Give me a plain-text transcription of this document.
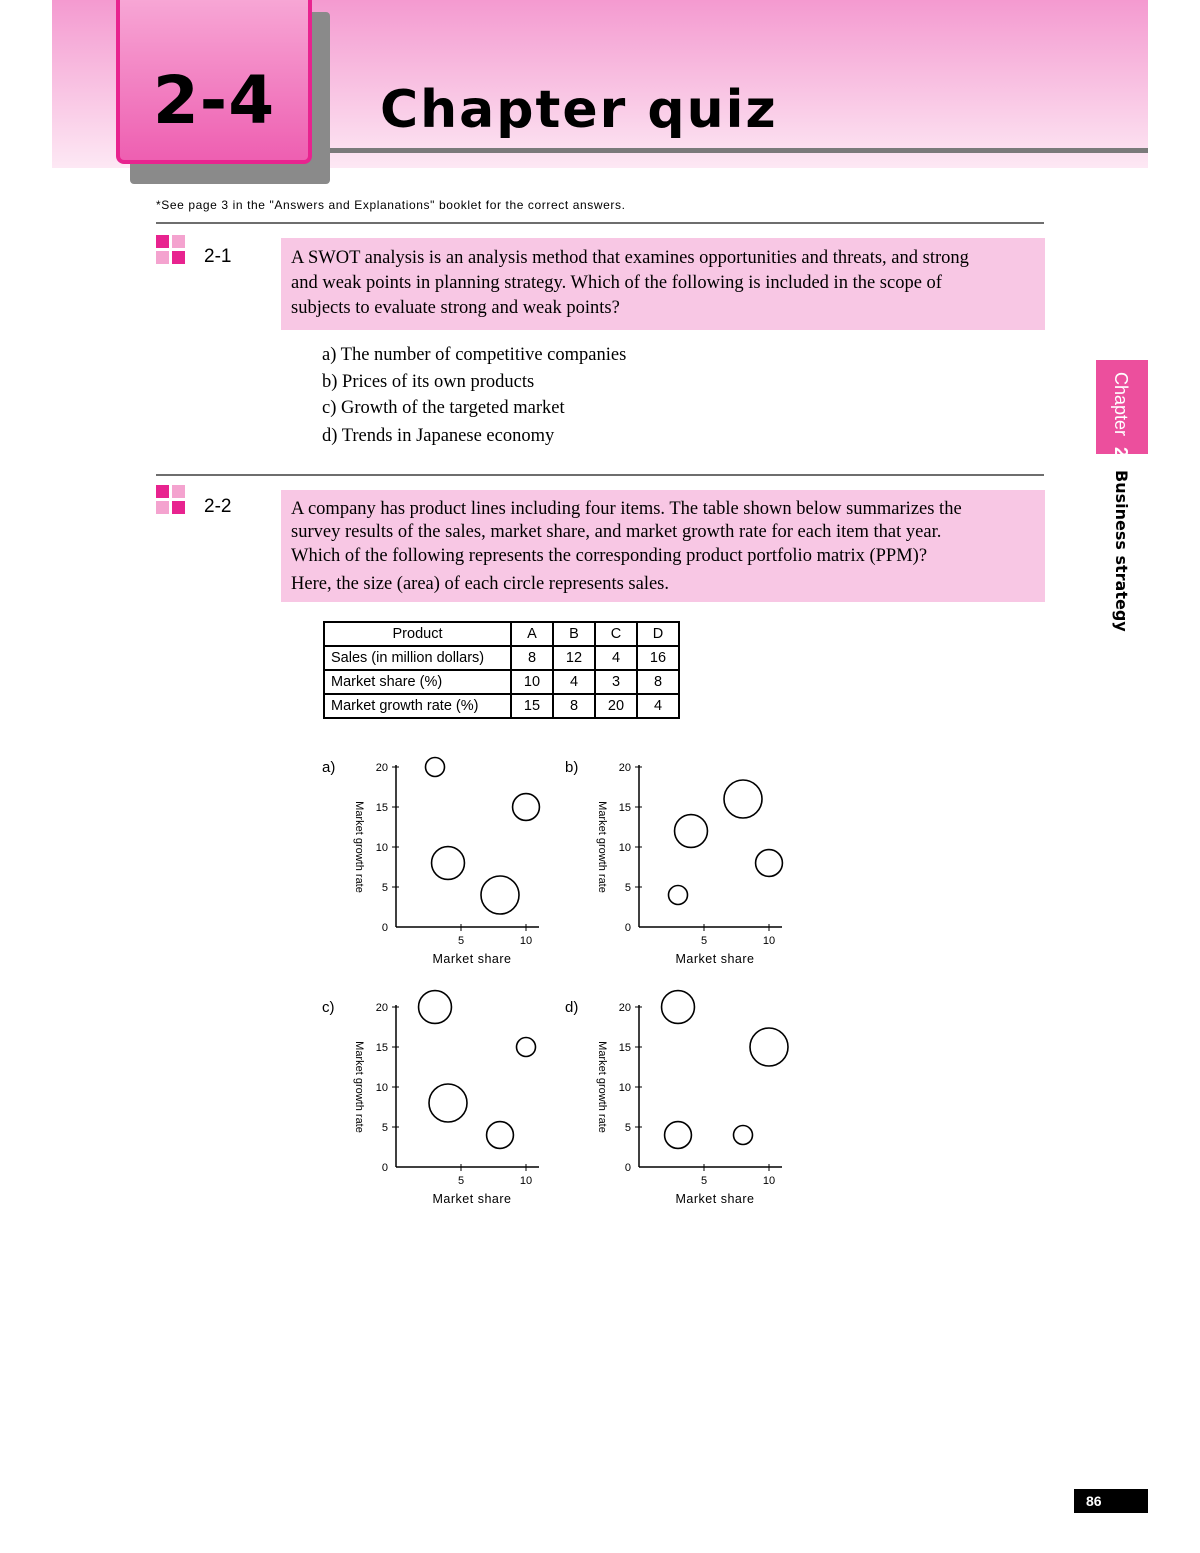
2-4	Chapter quiz
*See page 3 in the "Answers and Explanations" booklet for the correct answers.
2-1	A SWOT analysis is an analysis method that examines opportunities and threats, and strong
and weak points in planning strategy. Which of the following is included in the scope of
subjects to evaluate strong and weak points?
a) The number of competitive companies
b) Prices of its own products
c) Growth of the targeted market
d) Trends in Japanese economy
2-2	A company has product lines including four items. The table shown below summarizes the
survey results of the sales, market share, and market growth rate for each item that year.
Which of the following represents the corresponding product portfolio matrix (PPM)?
Here, the size (area) of each circle represents sales.
Product	A	B	C	D
Sales (in million dollars)	8	12	4	16
Market share (%)	10	4	3	8
Market growth rate (%)	15	8	20	4
0
5
10
15
20
5	10
Market share
Market growth rate
a)
0
5
10
15
20
5	10
Market share
Market growth rate
b)
0
5
10
15
20
5	10
Market share
Market growth rate
c)
0
5
10
15
20
5	10
Market share
Market growth rate
d)
Chapter 2 Business strategy
86
